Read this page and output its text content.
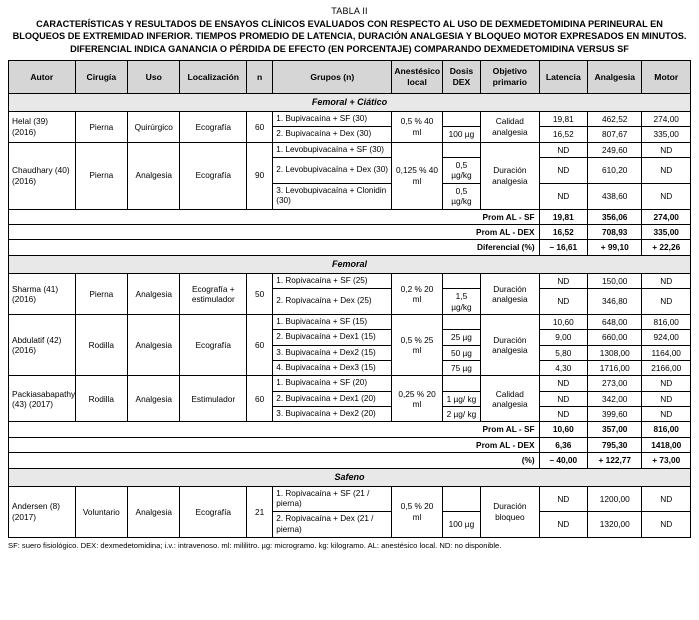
TABLA II
CARACTERÍSTICAS Y RESULTADOS DE ENSAYOS CLÍNICOS EVALUADOS CON RESPECTO AL USO DE DEXMEDETOMIDINA PERINEURAL EN BLOQUEOS DE EXTREMIDAD INFERIOR. TIEMPOS PROMEDIO DE LATENCIA, DURACIÓN ANALGESIA Y BLOQUEO MOTOR EXPRESADOS EN MINUTOS. DIFERENCIAL INDICA GANANCIA O PÉRDIDA DE EFECTO (EN PORCENTAJE) COMPARANDO DEXMEDETOMIDINA VERSUS SF
Autor	Cirugía	Uso	Localización	n	Grupos (n)	Anestésico local	Dosis DEX	Objetivo primario	Latencia	Analgesia	Motor
Femoral + Ciático											
Helal (39) (2016)	Pierna	Quirúrgico	Ecografía	60	1. Bupivacaína + SF (30)	0,5 % 40 ml		Calidad analgesia	19,81	462,52	274,00
					2. Bupivacaína + Dex (30)		100 µg		16,52	807,67	335,00
Chaudhary (40) (2016)	Pierna	Analgesia	Ecografía	90	1. Levobupivacaína + SF (30)	0,125 % 40 ml		Duración analgesia	ND	249,60	ND
					2. Levobupivacaína + Dex (30)		0,5 µg/kg		ND	610,20	ND
					3. Levobupivacaína + Clonidin (30)		0,5 µg/kg		ND	438,60	ND
Prom AL - SF									19,81	356,06	274,00
Prom AL - DEX									16,52	708,93	335,00
Diferencial (%)									– 16,61	+ 99,10	+ 22,26
Femoral											
Sharma (41) (2016)	Pierna	Analgesia	Ecografía + estimulador	50	1. Ropivacaína + SF (25)	0,2 % 20 ml		Duración analgesia	ND	150,00	ND
					2. Ropivacaína + Dex (25)		1,5 µg/kg		ND	346,80	ND
Abdulatif (42) (2016)	Rodilla	Analgesia	Ecografía	60	1. Bupivacaína + SF (15)	0,5 % 25 ml		Duración analgesia	10,60	648,00	816,00
					2. Bupivacaína + Dex1 (15)		25 µg		9,00	660,00	924,00
					3. Bupivacaína + Dex2 (15)		50 µg		5,80	1308,00	1164,00
					4. Bupivacaína + Dex3 (15)		75 µg		4,30	1716,00	2166,00
Packiasabapathy (43) (2017)	Rodilla	Analgesia	Estimulador	60	1. Bupivacaína + SF (20)	0,25 % 20 ml		Calidad analgesia	ND	273,00	ND
					2. Bupivacaína + Dex1 (20)		1 µg/ kg		ND	342,00	ND
					3. Bupivacaína + Dex2 (20)		2 µg/ kg		ND	399,60	ND
Prom AL - SF									10,60	357,00	816,00
Prom AL - DEX									6,36	795,30	1418,00
(%)									– 40,00	+ 122,77	+ 73,00
Safeno											
Andersen (8) (2017)	Voluntario	Analgesia	Ecografía	21	1. Ropivacaína + SF (21 / pierna)	0,5 % 20 ml		Duración bloqueo	ND	1200,00	ND
					2. Ropivacaína + Dex (21 / pierna)		100 µg		ND	1320,00	ND
SF: suero fisiológico. DEX: dexmedetomidina; i.v.: intravenoso. ml: mililitro. µg: microgramo. kg: kilogramo. AL: anestésico local. ND: no disponible.
